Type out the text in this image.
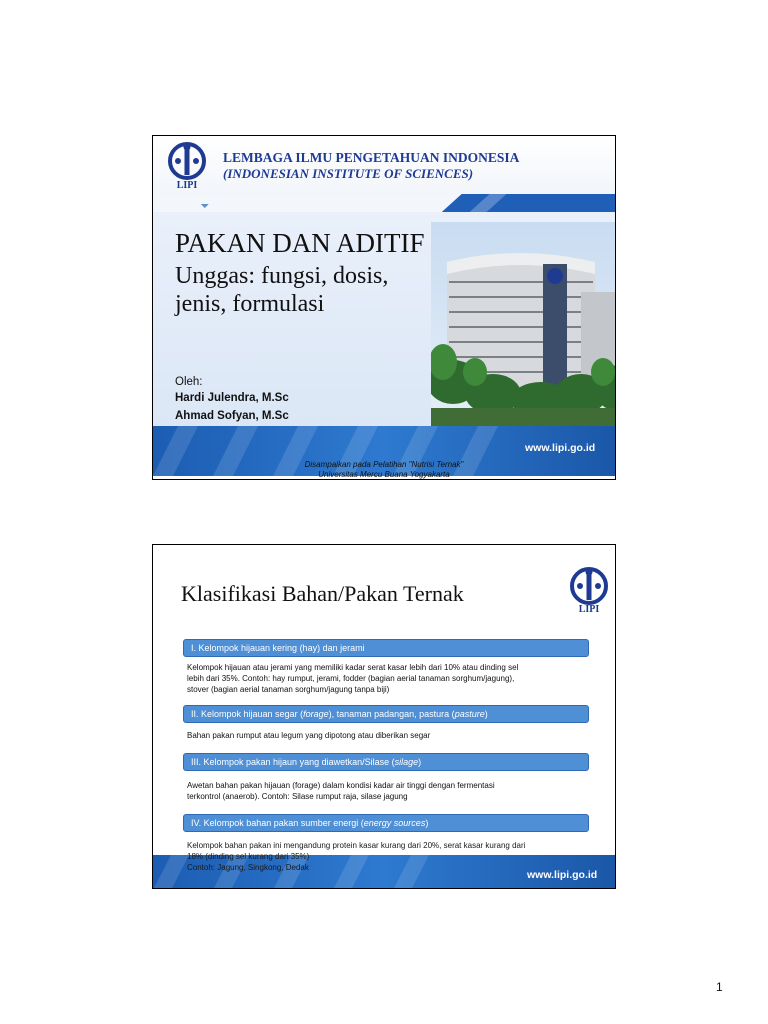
LIPI
LEMBAGA ILMU PENGETAHUAN INDONESIA
(INDONESIAN INSTITUTE OF SCIENCES)
PAKAN DAN ADITIF
Unggas: fungsi, dosis, jenis, formulasi
Oleh:
Hardi Julendra, M.Sc
Ahmad Sofyan, M.Sc
www.lipi.go.id
Disampaikan pada Pelatihan "Nutrisi Ternak"
Universitas Mercu Buana Yogyakarta
Klasifikasi Bahan/Pakan Ternak
LIPI
I. Kelompok hijauan kering (hay) dan jerami
Kelompok hijauan atau jerami yang memiliki kadar serat kasar lebih dari 10% atau dinding sel
lebih dari 35%. Contoh: hay rumput, jerami, fodder (bagian aerial tanaman sorghum/jagung),
stover (bagian aerial tanaman sorghum/jagung tanpa biji)
II. Kelompok hijauan segar (forage), tanaman padangan, pastura (pasture)
Bahan pakan rumput atau legum yang dipotong atau diberikan segar
III. Kelompok pakan hijaun yang diawetkan/Silase (silage)
Awetan bahan pakan hijauan (forage) dalam kondisi kadar air tinggi dengan fermentasi
terkontrol (anaerob). Contoh: Silase rumput raja, silase jagung
IV. Kelompok bahan pakan sumber energi (energy sources)
www.lipi.go.id
Kelompok bahan pakan ini mengandung protein kasar kurang dari 20%, serat kasar kurang dari
18% (dinding sel kurang dari 35%)
Contoh: Jagung, Singkong, Dedak
1
